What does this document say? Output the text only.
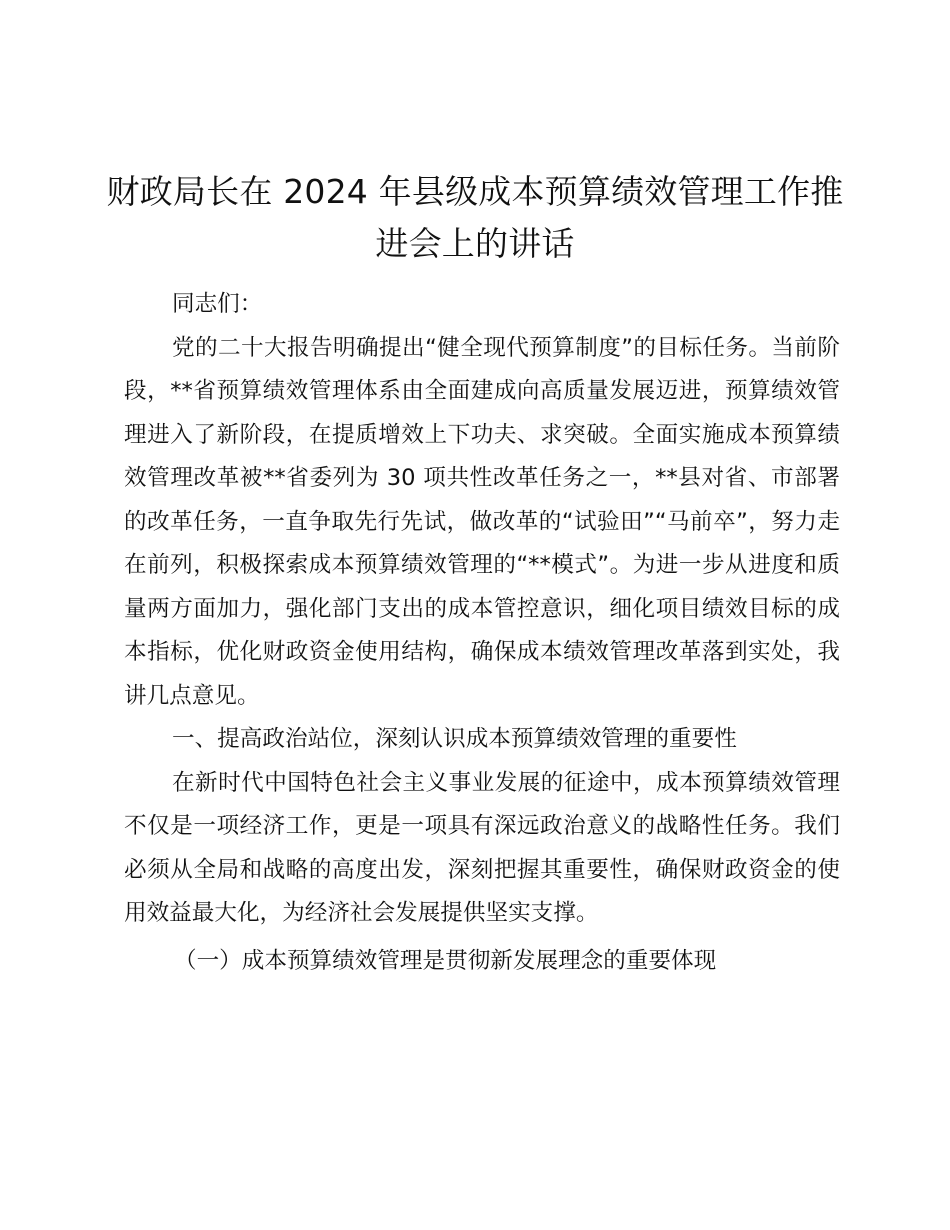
财政局长在 2024 年县级成本预算绩效管理工作推进会上的讲话

同志们：

党的二十大报告明确提出“健全现代预算制度”的目标任务。当前阶段，**省预算绩效管理体系由全面建成向高质量发展迈进，预算绩效管理进入了新阶段，在提质增效上下功夫、求突破。全面实施成本预算绩效管理改革被**省委列为 30 项共性改革任务之一，**县对省、市部署的改革任务，一直争取先行先试，做改革的“试验田”“马前卒”，努力走在前列，积极探索成本预算绩效管理的“**模式”。为进一步从进度和质量两方面加力，强化部门支出的成本管控意识，细化项目绩效目标的成本指标，优化财政资金使用结构，确保成本绩效管理改革落到实处，我讲几点意见。

一、提高政治站位，深刻认识成本预算绩效管理的重要性

在新时代中国特色社会主义事业发展的征途中，成本预算绩效管理不仅是一项经济工作，更是一项具有深远政治意义的战略性任务。我们必须从全局和战略的高度出发，深刻把握其重要性，确保财政资金的使用效益最大化，为经济社会发展提供坚实支撑。

（一）成本预算绩效管理是贯彻新发展理念的重要体现
